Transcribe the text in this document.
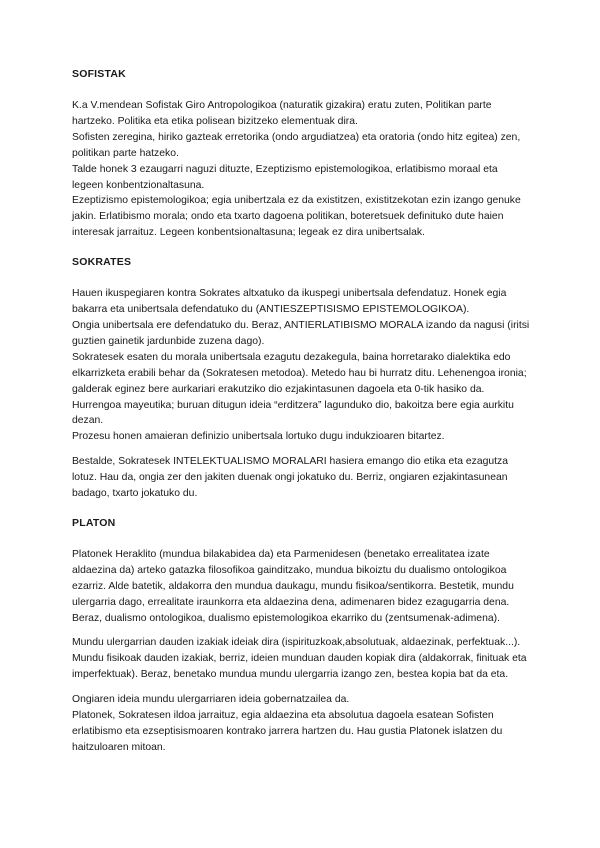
SOFISTAK

K.a V.mendean Sofistak Giro Antropologikoa (naturatik gizakira) eratu zuten, Politikan parte hartzeko. Politika eta etika polisean bizitzeko elementuak dira.

Sofisten zeregina, hiriko gazteak erretorika (ondo argudiatzea) eta oratoria (ondo hitz egitea) zen, politikan parte hatzeko.

Talde honek 3 ezaugarri naguzi dituzte, Ezeptizismo epistemologikoa, erlatibismo moraal eta legeen konbentzionaltasuna.

Ezeptizismo epistemologikoa; egia unibertzala ez da existitzen, existitzekotan ezin izango genuke jakin. Erlatibismo morala; ondo eta txarto dagoena politikan, boteretsuek definituko dute haien interesak jarraituz. Legeen konbentsionaltasuna; legeak ez dira unibertsalak.

SOKRATES

Hauen ikuspegiaren kontra Sokrates altxatuko da ikuspegi unibertsala defendatuz. Honek egia bakarra eta unibertsala defendatuko du (ANTIESZEPTISISMO EPISTEMOLOGIKOA).

Ongia unibertsala ere defendatuko du. Beraz, ANTIERLATIBISMO MORALA izando da nagusi (iritsi guztien gainetik jardunbide zuzena dago).

Sokratesek esaten du morala unibertsala ezagutu dezakegula, baina horretarako dialektika edo elkarrizketa erabili behar da (Sokratesen metodoa). Metedo hau bi hurratz ditu. Lehenengoa ironia; galderak eginez bere aurkariari erakutziko dio ezjakintasunen dagoela eta 0-tik hasiko da. Hurrengoa mayeutika; buruan ditugun ideia “erditzera” lagunduko dio, bakoitza bere egia aurkitu dezan.

Prozesu honen amaieran definizio unibertsala lortuko dugu indukzioaren bitartez.

Bestalde, Sokratesek INTELEKTUALISMO MORALARI hasiera emango dio etika eta ezagutza lotuz. Hau da, ongia zer den jakiten duenak ongi jokatuko du. Berriz, ongiaren ezjakintasunean badago, txarto jokatuko du.

PLATON

Platonek Heraklito (mundua bilakabidea da) eta Parmenidesen (benetako errealitatea izate aldaezina da) arteko gatazka filosofikoa gainditzako, mundua bikoiztu du dualismo ontologikoa ezarriz. Alde batetik, aldakorra den mundua daukagu, mundu fisikoa/sentikorra. Bestetik, mundu ulergarria dago, errealitate iraunkorra eta aldaezina dena, adimenaren bidez ezagugarria dena. Beraz, dualismo ontologikoa, dualismo epistemologikoa ekarriko du (zentsumenak-adimena).

Mundu ulergarrian dauden izakiak ideiak dira (ispirituzkoak,absolutuak, aldaezinak, perfektuak...). Mundu fisikoak dauden izakiak, berriz, ideien munduan dauden kopiak dira (aldakorrak, finituak eta imperfektuak). Beraz, benetako mundua mundu ulergarria izango zen, bestea kopia bat da eta.

Ongiaren ideia mundu ulergarriaren ideia gobernatzailea da.

Platonek, Sokratesen ildoa jarraituz, egia aldaezina eta absolutua dagoela esatean Sofisten erlatibismo eta ezseptisismoaren kontrako jarrera hartzen du. Hau gustia Platonek islatzen du haitzuloaren mitoan.
